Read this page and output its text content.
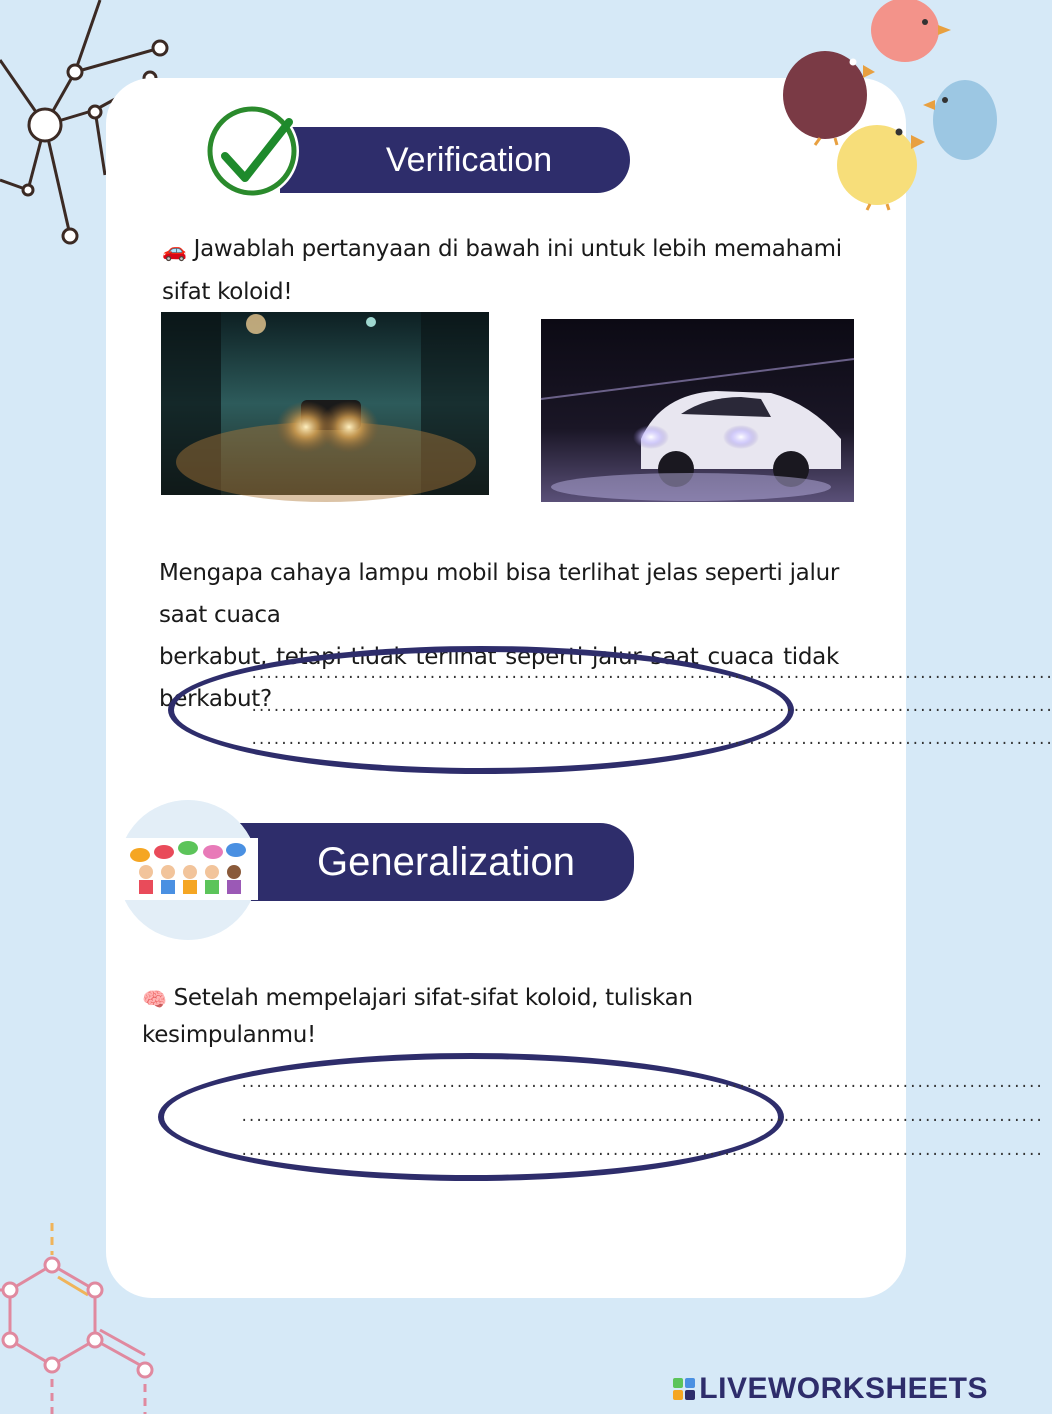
Verification
🚗 Jawablah pertanyaan di bawah ini untuk lebih memahami
sifat koloid!
Mengapa cahaya lampu mobil bisa terlihat jelas seperti jalur saat cuaca
berkabut, tetapi tidak terlihat seperti jalur saat cuaca tidak berkabut?
............................................................................................................
............................................................................................................
............................................................................................................
Generalization
🧠 Setelah mempelajari sifat-sifat koloid, tuliskan kesimpulanmu!
............................................................................................................
............................................................................................................
............................................................................................................
LIVEWORKSHEETS
